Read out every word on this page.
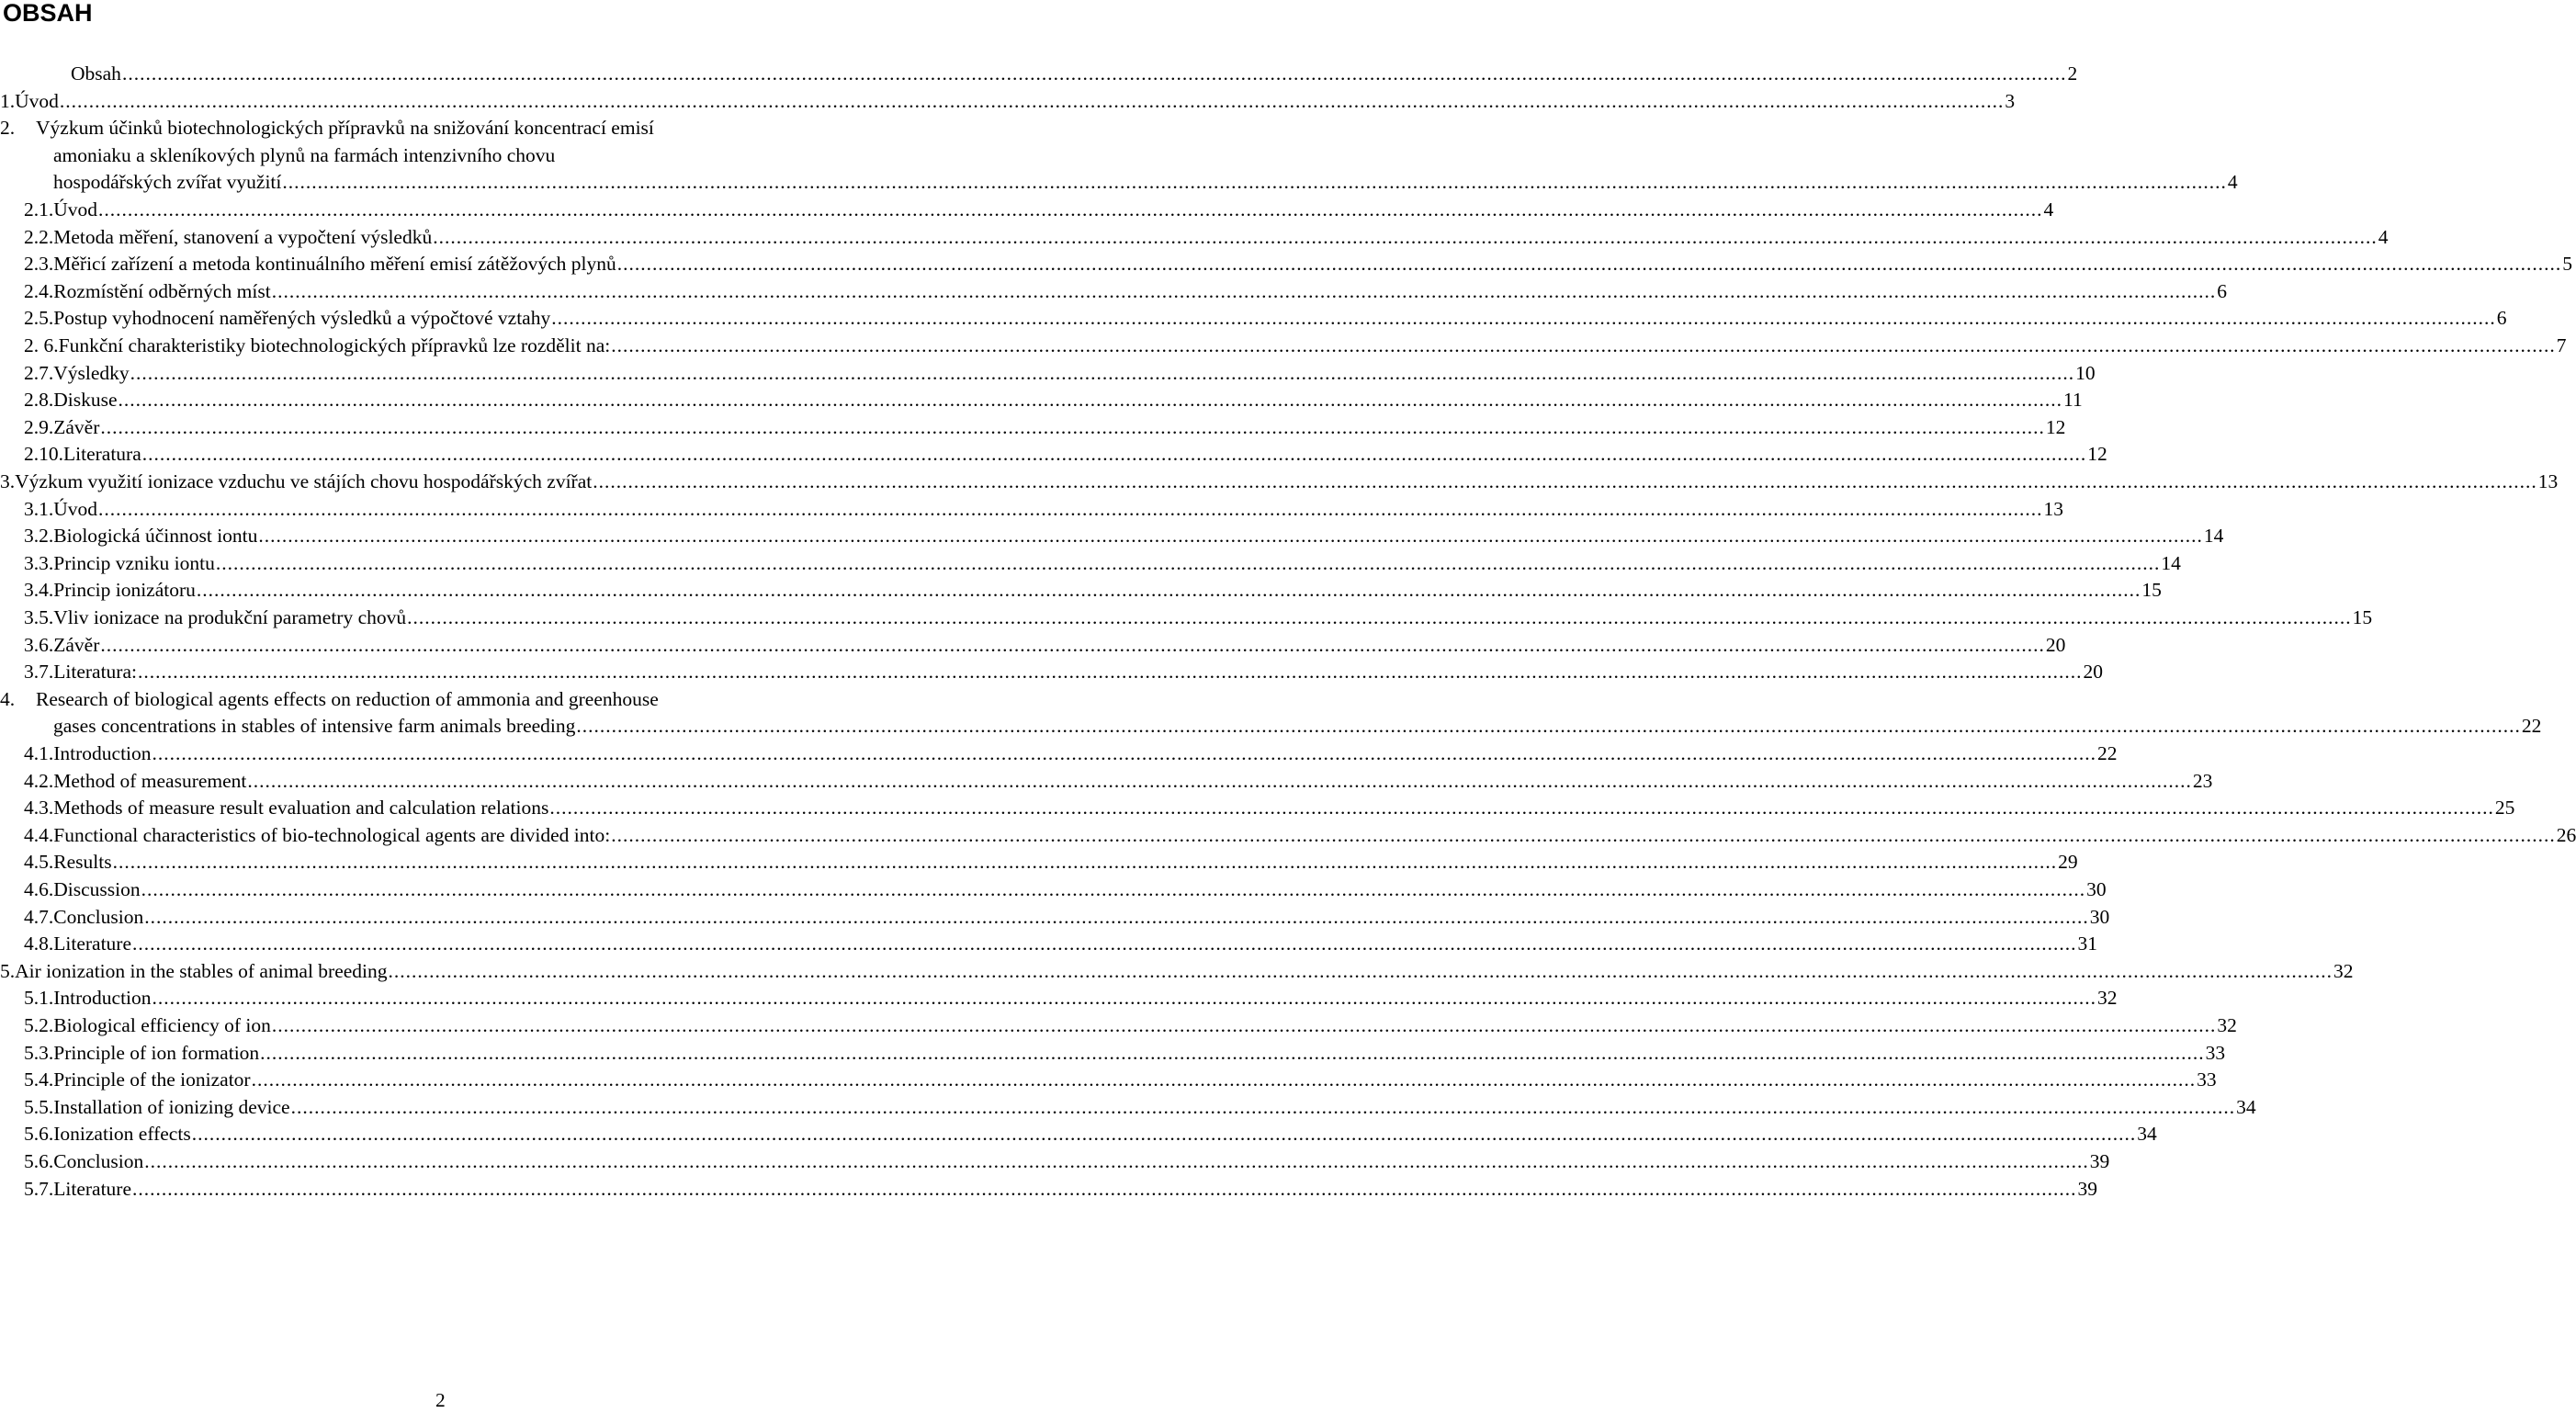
OBSAH
Obsah .....	2
1. Úvod .....	3
2.	Výzkum účinků biotechnologických přípravků na snižování koncentrací emisí
amoniaku a skleníkových plynů na farmách intenzivního chovu
hospodářských zvířat využití .....	4
2.1. Úvod .....	4
2.2. Metoda měření, stanovení a vypočtení výsledků .....	4
2.3. Měřicí zařízení a metoda kontinuálního měření emisí zátěžových plynů .....	5
2.4. Rozmístění odběrných míst .....	6
2.5. Postup vyhodnocení naměřených výsledků a výpočtové vztahy .....	6
2. 6. Funkční charakteristiky biotechnologických přípravků lze rozdělit na: .....	7
2.7. Výsledky .....	10
2.8. Diskuse .....	11
2.9. Závěr .....	12
2.10. Literatura .....	12
3. Výzkum využití ionizace vzduchu ve stájích chovu hospodářských zvířat .....	13
3.1. Úvod .....	13
3.2. Biologická účinnost iontu .....	14
3.3. Princip vzniku iontu .....	14
3.4. Princip ionizátoru .....	15
3.5. Vliv ionizace na produkční parametry chovů .....	15
3.6. Závěr .....	20
3.7. Literatura: .....	20
4.	Research of biological agents effects on reduction of ammonia and greenhouse
gases concentrations in stables of intensive farm animals breeding .....	22
4.1. Introduction .....	22
4.2. Method of measurement .....	23
4.3. Methods of measure result evaluation and calculation relations .....	25
4.4. Functional characteristics of bio-technological agents are divided into: .....	26
4.5. Results .....	29
4.6. Discussion .....	30
4.7. Conclusion .....	30
4.8. Literature .....	31
5. Air ionization in the stables of animal breeding .....	32
5.1. Introduction .....	32
5.2. Biological efficiency of ion .....	32
5.3. Principle of ion formation .....	33
5.4. Principle of the ionizator .....	33
5.5. Installation of ionizing device .....	34
5.6. Ionization effects .....	34
5.6. Conclusion .....	39
5.7. Literature .....	39
2
